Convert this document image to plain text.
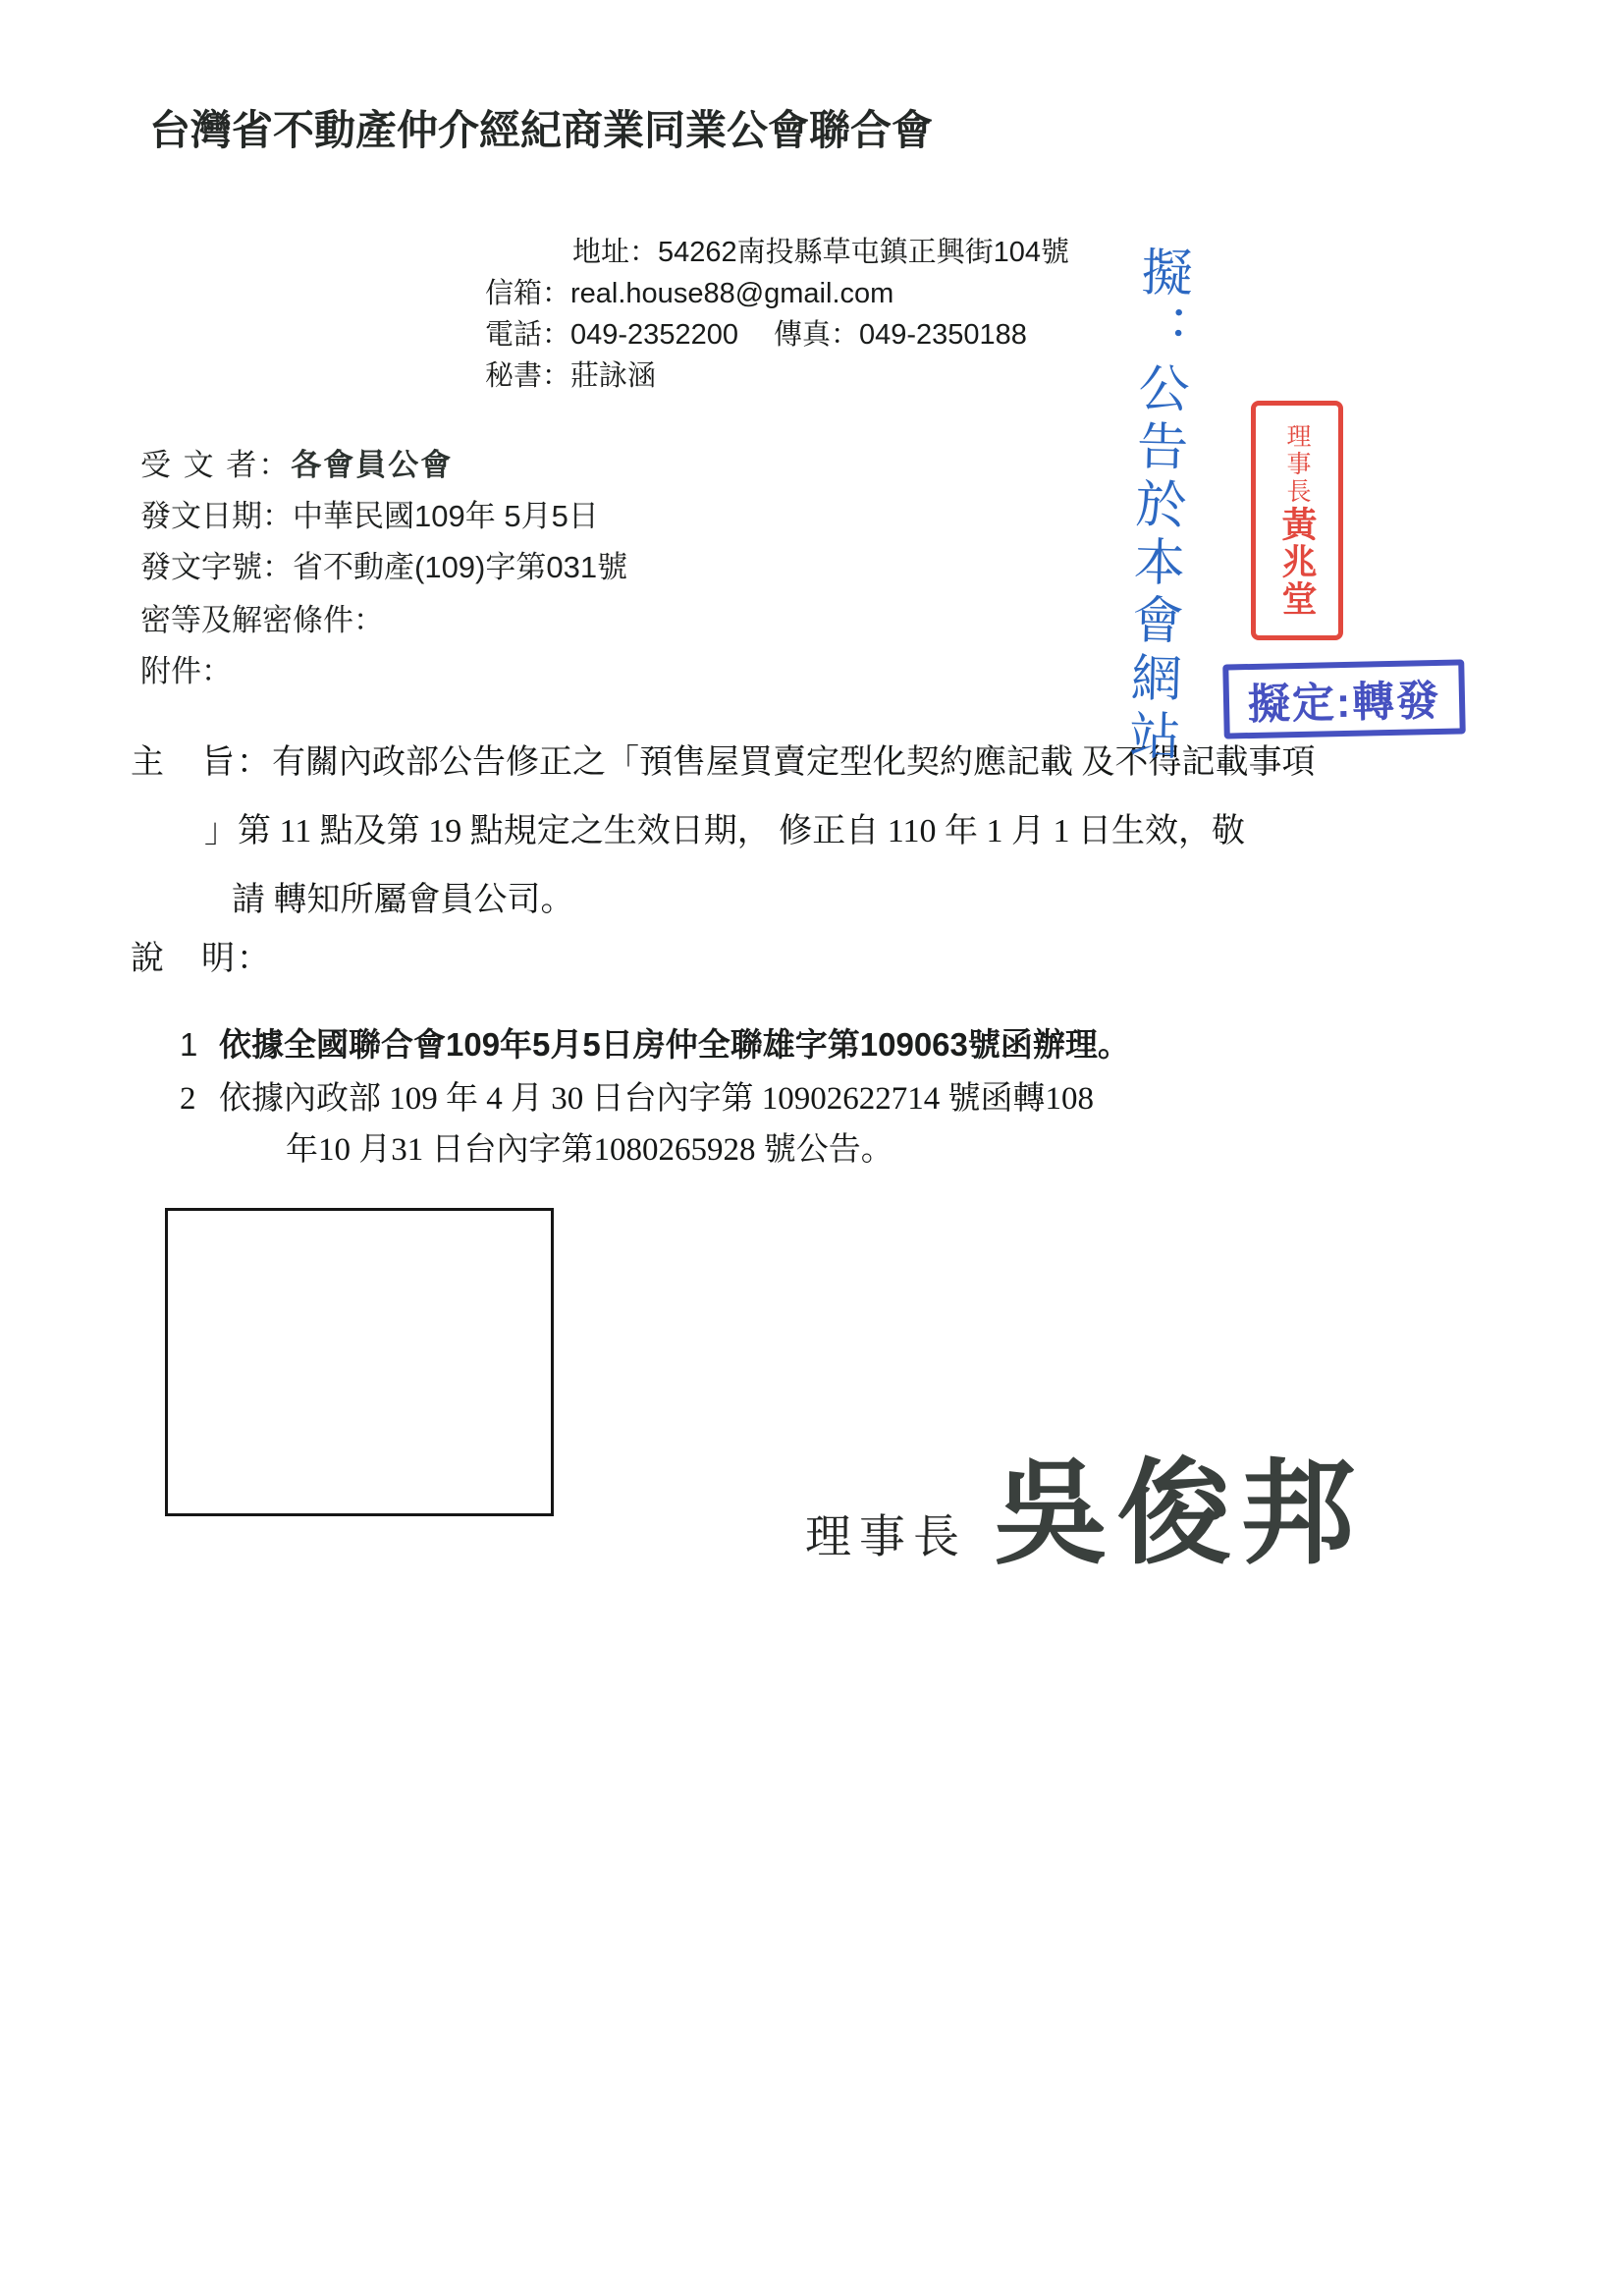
台灣省不動產仲介經紀商業同業公會聯合會
地址：54262南投縣草屯鎮正興街104號
信箱：real.house88@gmail.com
電話：049-2352200 傳真：049-2350188
秘書：莊詠涵
受 文 者：各會員公會
發文日期：中華民國109年 5月5日
發文字號：省不動產(109)字第031號
密等及解密條件：
附件：
主　旨：有關內政部公告修正之「預售屋買賣定型化契約應記載 及不得記載事項
」第 11 點及第 19 點規定之生效日期， 修正自 110 年 1 月 1 日生效，敬
請 轉知所屬會員公司。
說　明：
1 依據全國聯合會109年5月5日房仲全聯雄字第109063號函辦理。
2 依據內政部 109 年 4 月 30 日台內字第 10902622714 號函轉108
年10 月31 日台內字第1080265928 號公告。
理事長 吳俊邦
擬：公告於本會網站	理事長黃兆堂
擬定:轉發
